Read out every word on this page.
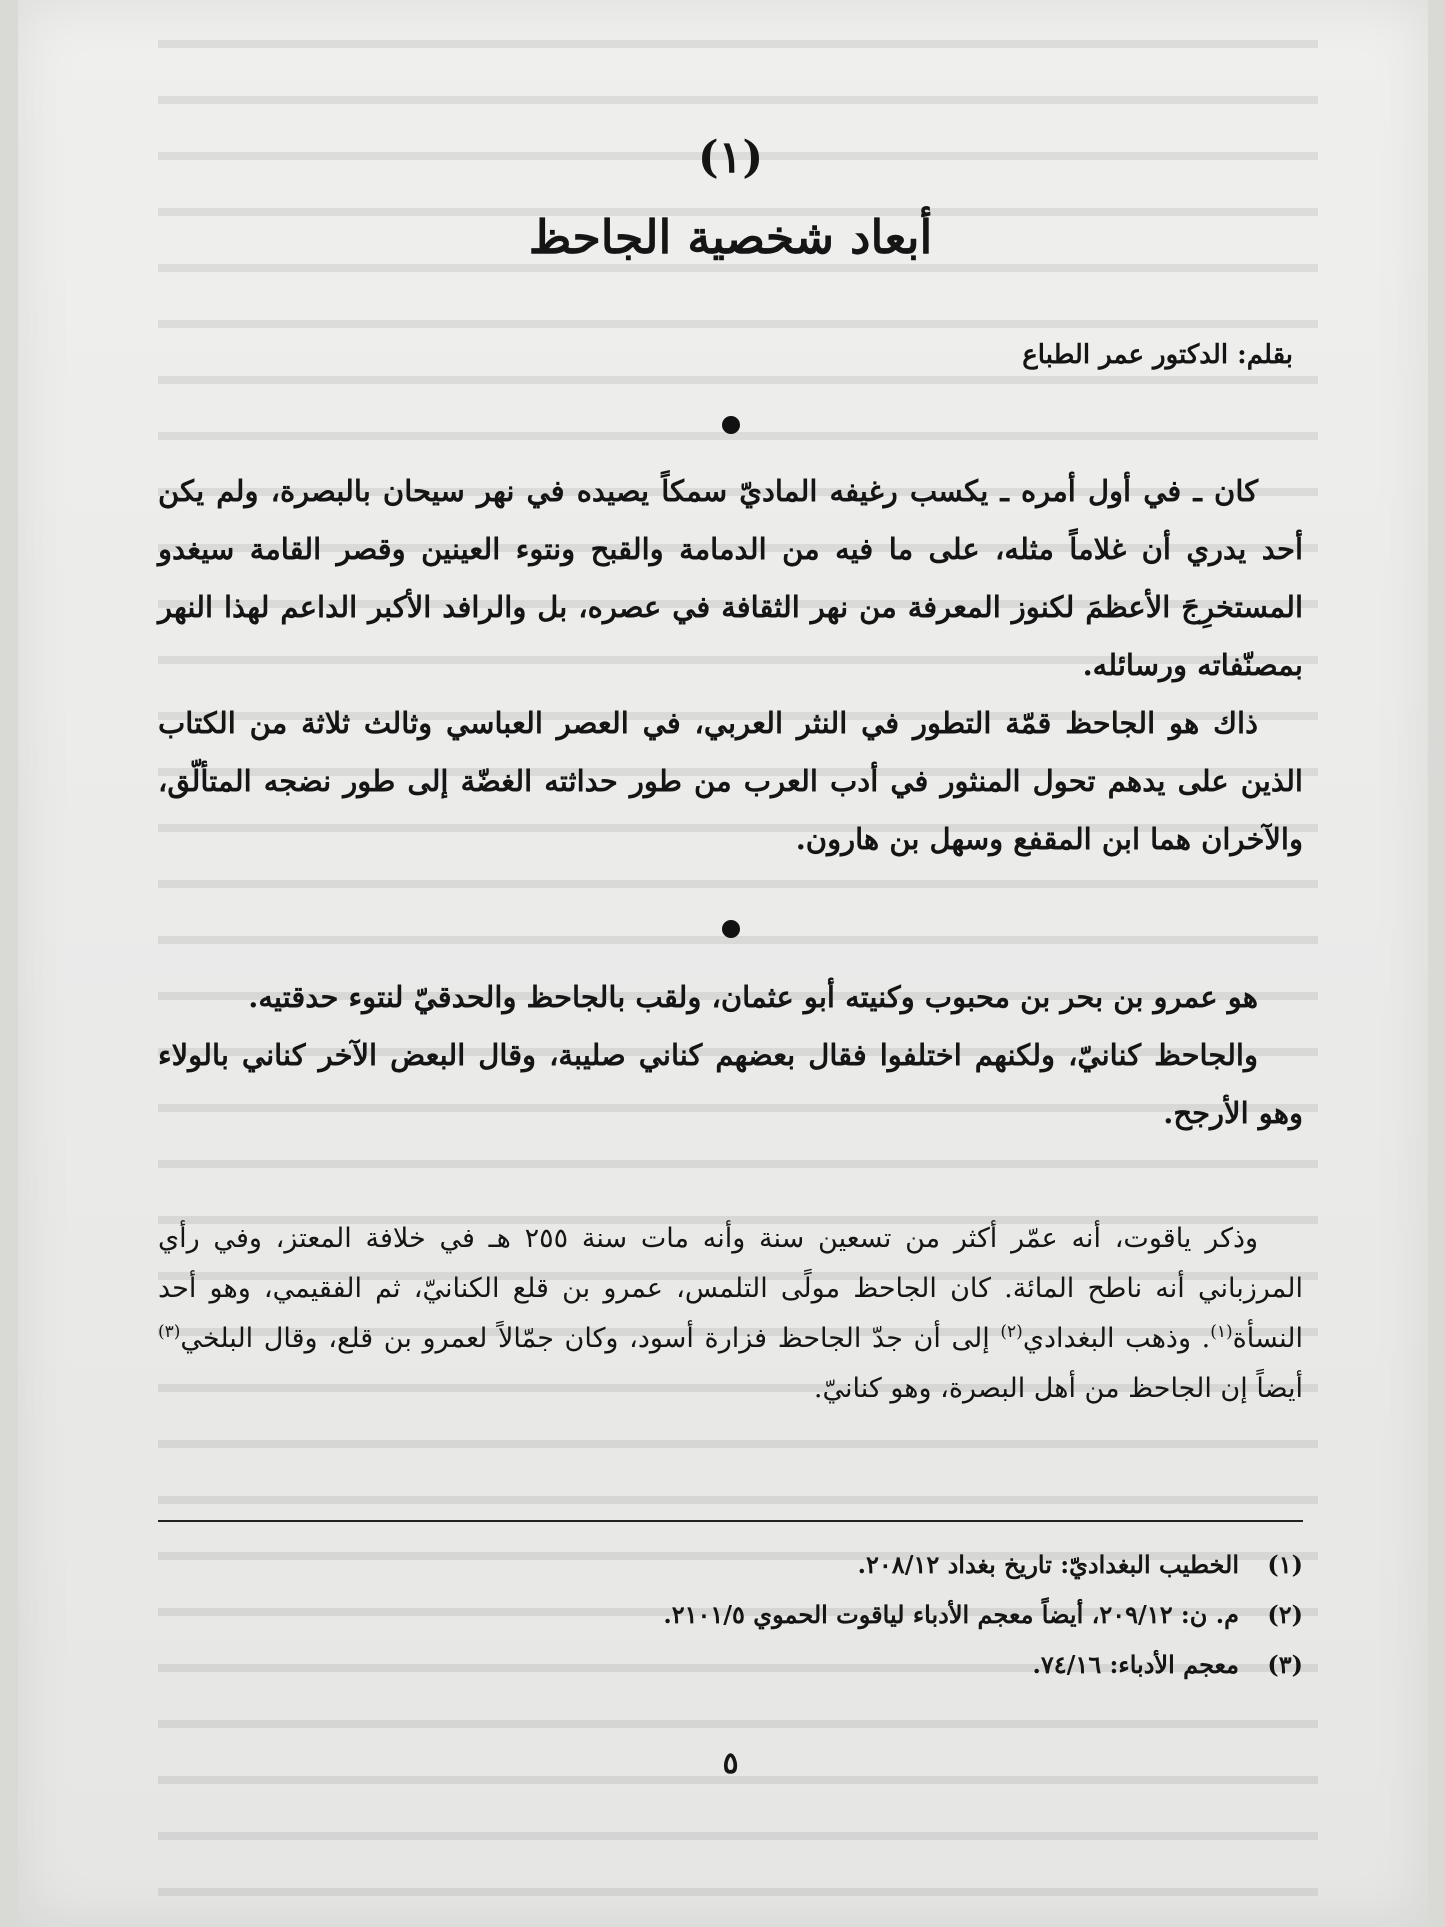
(١)
أبعاد شخصية الجاحظ
بقلم: الدكتور عمر الطباع

كان ـ في أول أمره ـ يكسب رغيفه الماديّ سمكاً يصيده في نهر سيحان بالبصرة، ولم يكن أحد يدري أن غلاماً مثله، على ما فيه من الدمامة والقبح ونتوء العينين وقصر القامة سيغدو المستخرِجَ الأعظمَ لكنوز المعرفة من نهر الثقافة في عصره، بل والرافد الأكبر الداعم لهذا النهر بمصنّفاته ورسائله.

ذاك هو الجاحظ قمّة التطور في النثر العربي، في العصر العباسي وثالث ثلاثة من الكتاب الذين على يدهم تحول المنثور في أدب العرب من طور حداثته الغضّة إلى طور نضجه المتألّق، والآخران هما ابن المقفع وسهل بن هارون.

هو عمرو بن بحر بن محبوب وكنيته أبو عثمان، ولقب بالجاحظ والحدقيّ لنتوء حدقتيه.

والجاحظ كنانيّ، ولكنهم اختلفوا فقال بعضهم كناني صليبة، وقال البعض الآخر كناني بالولاء وهو الأرجح.

وذكر ياقوت، أنه عمّر أكثر من تسعين سنة وأنه مات سنة ٢٥٥ هـ في خلافة المعتز، وفي رأي المرزباني أنه ناطح المائة. كان الجاحظ مولًى التلمس، عمرو بن قلع الكنانيّ، ثم الفقيمي، وهو أحد النسأة$^{(١)}$. وذهب البغدادي$^{(٢)}$ إلى أن جدّ الجاحظ فزارة أسود، وكان جمّالاً لعمرو بن قلع، وقال البلخي$^{(٣)}$ أيضاً إن الجاحظ من أهل البصرة، وهو كنانيّ.

(١)الخطيب البغداديّ: تاريخ بغداد ٢٠٨/١٢.
(٢)م. ن: ٢٠٩/١٢، أيضاً معجم الأدباء لياقوت الحموي ٢١٠١/٥.
(٣)معجم الأدباء: ٧٤/١٦.
٥
